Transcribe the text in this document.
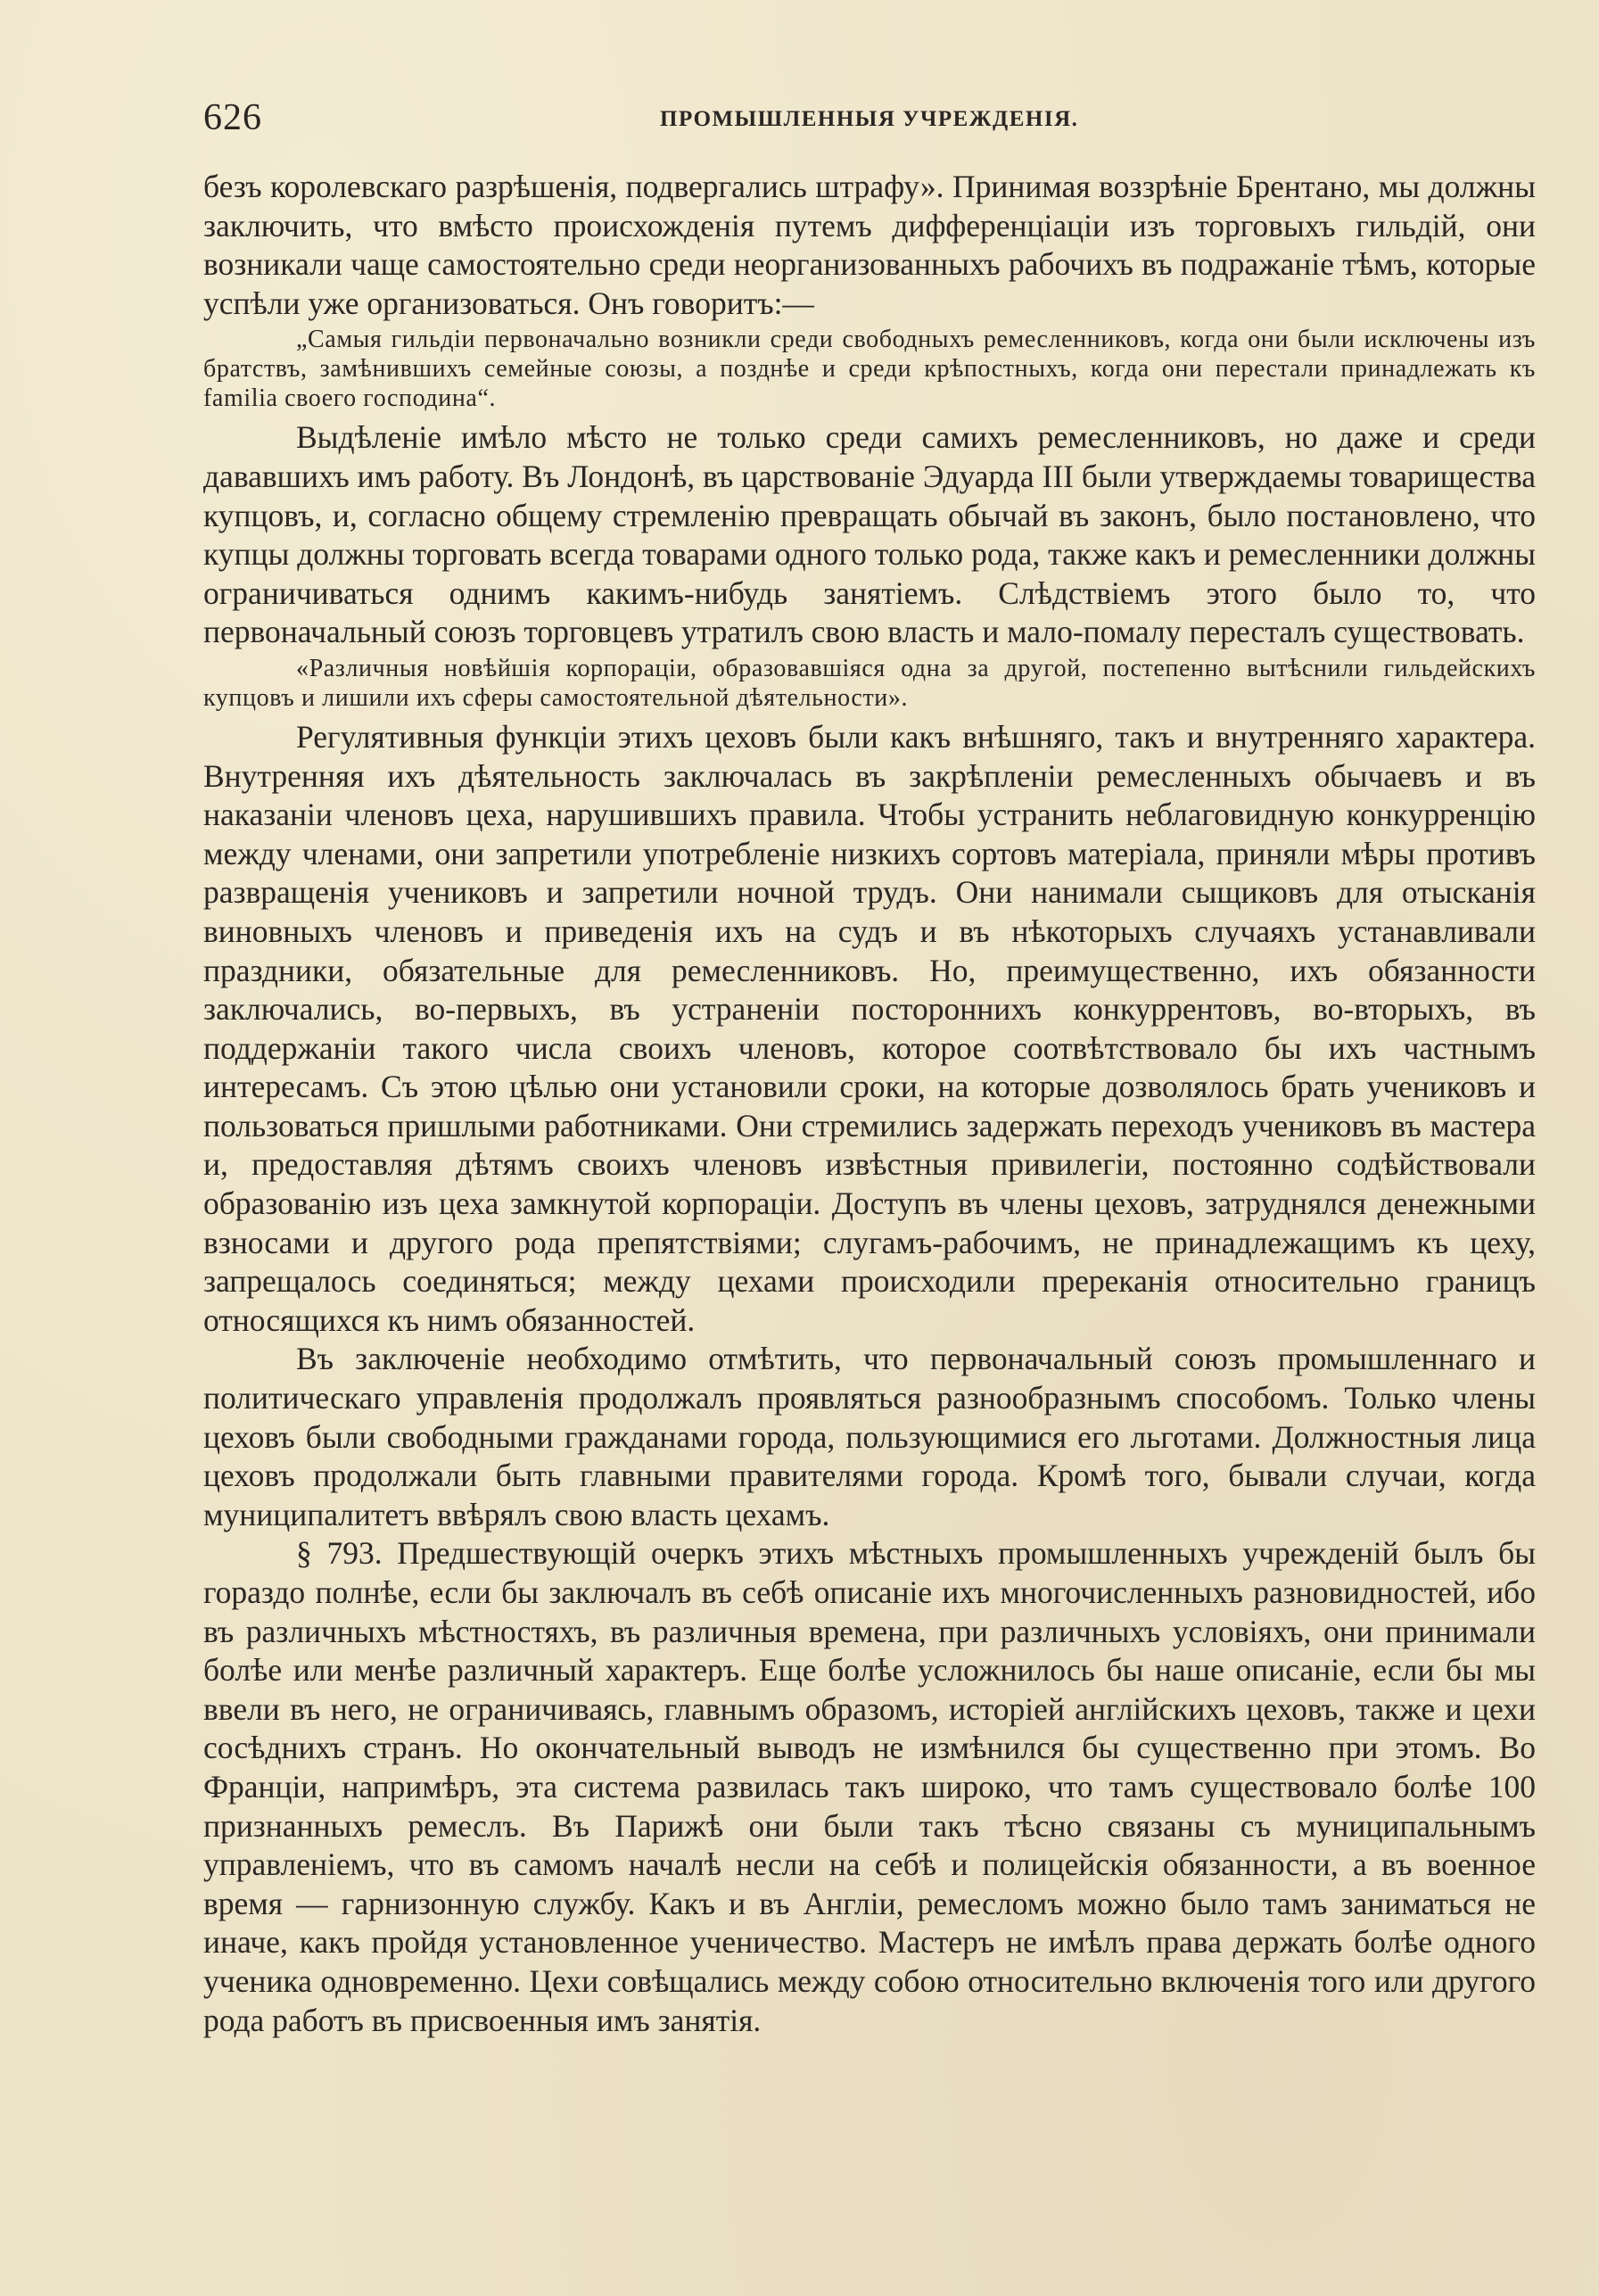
626	ПРОМЫШЛЕННЫЯ УЧРЕЖДЕНІЯ.

безъ королевскаго разрѣшенія, подвергались штрафу». Принимая воззрѣніе Брентано, мы должны заключить, что вмѣсто происхожденія путемъ дифференціаціи изъ торговыхъ гильдій, они возникали чаще самостоятельно среди неорганизованныхъ рабочихъ въ подражаніе тѣмъ, которые успѣли уже организоваться. Онъ говоритъ:—

„Самыя гильдіи первоначально возникли среди свободныхъ ремесленниковъ, когда они были исключены изъ братствъ, замѣнившихъ семейные союзы, а позднѣе и среди крѣпостныхъ, когда они перестали принадлежать къ familia своего господина“.

Выдѣленіе имѣло мѣсто не только среди самихъ ремесленниковъ, но даже и среди дававшихъ имъ работу. Въ Лондонѣ, въ царствованіе Эдуарда III были утверждаемы товарищества купцовъ, и, согласно общему стремленію превращать обычай въ законъ, было постановлено, что купцы должны торговать всегда товарами одного только рода, также какъ и ремесленники должны ограничиваться однимъ какимъ-нибудь занятіемъ. Слѣдствіемъ этого было то, что первоначальный союзъ торговцевъ утратилъ свою власть и мало-помалу пересталъ существовать.

«Различныя новѣйшія корпораціи, образовавшіяся одна за другой, постепенно вытѣснили гильдейскихъ купцовъ и лишили ихъ сферы самостоятельной дѣятельности».

Регулятивныя функціи этихъ цеховъ были какъ внѣшняго, такъ и внутренняго характера. Внутренняя ихъ дѣятельность заключалась въ закрѣпленіи ремесленныхъ обычаевъ и въ наказаніи членовъ цеха, нарушившихъ правила. Чтобы устранить неблаговидную конкурренцію между членами, они запретили употребленіе низкихъ сортовъ матеріала, приняли мѣры противъ развращенія учениковъ и запретили ночной трудъ. Они нанимали сыщиковъ для отысканія виновныхъ членовъ и приведенія ихъ на судъ и въ нѣкоторыхъ случаяхъ устанавливали праздники, обязательные для ремесленниковъ. Но, преимущественно, ихъ обязанности заключались, во-первыхъ, въ устраненіи постороннихъ конкуррентовъ, во-вторыхъ, въ поддержаніи такого числа своихъ членовъ, которое соотвѣтствовало бы ихъ частнымъ интересамъ. Съ этою цѣлью они установили сроки, на которые дозволялось брать учениковъ и пользоваться пришлыми работниками. Они стремились задержать переходъ учениковъ въ мастера и, предоставляя дѣтямъ своихъ членовъ извѣстныя привилегіи, постоянно содѣйствовали образованію изъ цеха замкнутой корпораціи. Доступъ въ члены цеховъ, затруднялся денежными взносами и другого рода препятствіями; слугамъ-рабочимъ, не принадлежащимъ къ цеху, запрещалось соединяться; между цехами происходили пререканія относительно границъ относящихся къ нимъ обязанностей.

Въ заключеніе необходимо отмѣтить, что первоначальный союзъ промышленнаго и политическаго управленія продолжалъ проявляться разнообразнымъ способомъ. Только члены цеховъ были свободными гражданами города, пользующимися его льготами. Должностныя лица цеховъ продолжали быть главными правителями города. Кромѣ того, бывали случаи, когда муниципалитетъ ввѣрялъ свою власть цехамъ.

§ 793. Предшествующій очеркъ этихъ мѣстныхъ промышленныхъ учрежденій былъ бы гораздо полнѣе, если бы заключалъ въ себѣ описаніе ихъ многочисленныхъ разновидностей, ибо въ различныхъ мѣстностяхъ, въ различныя времена, при различныхъ условіяхъ, они принимали болѣе или менѣе различный характеръ. Еще болѣе усложнилось бы наше описаніе, если бы мы ввели въ него, не ограничиваясь, главнымъ образомъ, исторіей англійскихъ цеховъ, также и цехи сосѣднихъ странъ. Но окончательный выводъ не измѣнился бы существенно при этомъ. Во Франціи, напримѣръ, эта система развилась такъ широко, что тамъ существовало болѣе 100 признанныхъ ремеслъ. Въ Парижѣ они были такъ тѣсно связаны съ муниципальнымъ управленіемъ, что въ самомъ началѣ несли на себѣ и полицейскія обязанности, а въ военное время — гарнизонную службу. Какъ и въ Англіи, ремесломъ можно было тамъ заниматься не иначе, какъ пройдя установленное ученичество. Мастеръ не имѣлъ права держать болѣе одного ученика одновременно. Цехи совѣщались между собою относительно включенія того или другого рода работъ въ присвоенныя имъ занятія.
